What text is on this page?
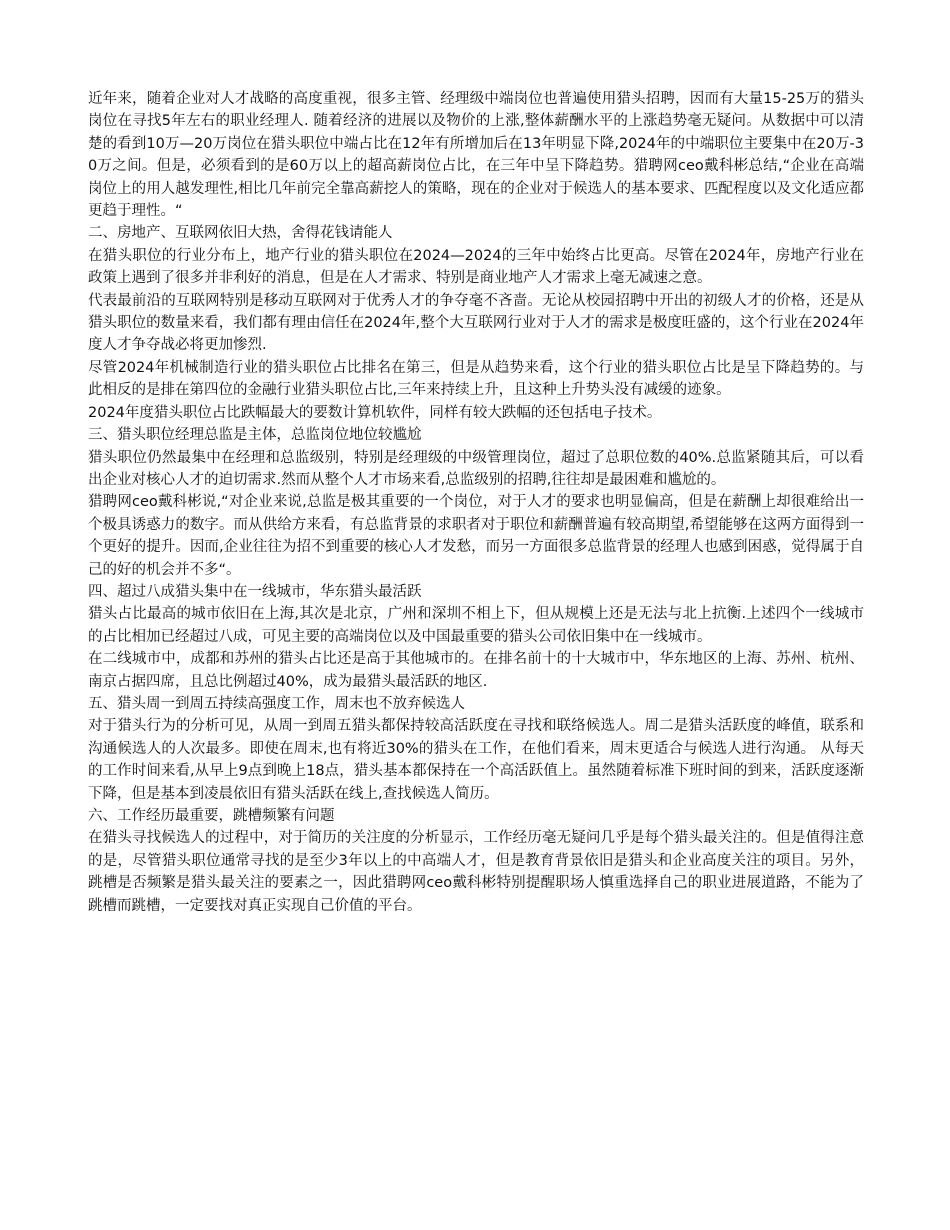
近年来，随着企业对人才战略的高度重视，很多主管、经理级中端岗位也普遍使用猎头招聘，因而有大量15-25万的猎头岗位在寻找5年左右的职业经理人. 随着经济的进展以及物价的上涨,整体薪酬水平的上涨趋势毫无疑问。从数据中可以清楚的看到10万—20万岗位在猎头职位中端占比在12年有所增加后在13年明显下降,2024年的中端职位主要集中在20万-30万之间。但是，必须看到的是60万以上的超高薪岗位占比，在三年中呈下降趋势。猎聘网ceo戴科彬总结,“企业在高端岗位上的用人越发理性,相比几年前完全靠高薪挖人的策略，现在的企业对于候选人的基本要求、匹配程度以及文化适应都更趋于理性。“

二、房地产、互联网依旧大热，舍得花钱请能人

在猎头职位的行业分布上，地产行业的猎头职位在2024—2024的三年中始终占比更高。尽管在2024年，房地产行业在政策上遇到了很多并非利好的消息，但是在人才需求、特别是商业地产人才需求上毫无减速之意。

代表最前沿的互联网特别是移动互联网对于优秀人才的争夺毫不吝啬。无论从校园招聘中开出的初级人才的价格，还是从猎头职位的数量来看，我们都有理由信任在2024年,整个大互联网行业对于人才的需求是极度旺盛的，这个行业在2024年度人才争夺战必将更加惨烈.

尽管2024年机械制造行业的猎头职位占比排名在第三，但是从趋势来看，这个行业的猎头职位占比是呈下降趋势的。与此相反的是排在第四位的金融行业猎头职位占比,三年来持续上升，且这种上升势头没有减缓的迹象。

2024年度猎头职位占比跌幅最大的要数计算机软件，同样有较大跌幅的还包括电子技术。

三、猎头职位经理总监是主体，总监岗位地位较尴尬

猎头职位仍然最集中在经理和总监级别，特别是经理级的中级管理岗位，超过了总职位数的40%.总监紧随其后，可以看出企业对核心人才的迫切需求.然而从整个人才市场来看,总监级别的招聘,往往却是最困难和尴尬的。

猎聘网ceo戴科彬说,“对企业来说,总监是极其重要的一个岗位，对于人才的要求也明显偏高，但是在薪酬上却很难给出一个极具诱惑力的数字。而从供给方来看，有总监背景的求职者对于职位和薪酬普遍有较高期望,希望能够在这两方面得到一个更好的提升。因而,企业往往为招不到重要的核心人才发愁，而另一方面很多总监背景的经理人也感到困惑，觉得属于自己的好的机会并不多“。

四、超过八成猎头集中在一线城市，华东猎头最活跃

猎头占比最高的城市依旧在上海,其次是北京，广州和深圳不相上下，但从规模上还是无法与北上抗衡.上述四个一线城市的占比相加已经超过八成，可见主要的高端岗位以及中国最重要的猎头公司依旧集中在一线城市。

在二线城市中，成都和苏州的猎头占比还是高于其他城市的。在排名前十的十大城市中，华东地区的上海、苏州、杭州、南京占据四席，且总比例超过40%，成为最猎头最活跃的地区.

五、猎头周一到周五持续高强度工作，周末也不放弃候选人

对于猎头行为的分析可见，从周一到周五猎头都保持较高活跃度在寻找和联络候选人。周二是猎头活跃度的峰值，联系和沟通候选人的人次最多。即使在周末,也有将近30%的猎头在工作，在他们看来，周末更适合与候选人进行沟通。 从每天的工作时间来看,从早上9点到晚上18点，猎头基本都保持在一个高活跃值上。虽然随着标准下班时间的到来，活跃度逐渐下降，但是基本到凌晨依旧有猎头活跃在线上,查找候选人简历。

六、工作经历最重要，跳槽频繁有问题

在猎头寻找候选人的过程中，对于简历的关注度的分析显示，工作经历毫无疑问几乎是每个猎头最关注的。但是值得注意的是，尽管猎头职位通常寻找的是至少3年以上的中高端人才，但是教育背景依旧是猎头和企业高度关注的项目。另外，跳槽是否频繁是猎头最关注的要素之一，因此猎聘网ceo戴科彬特别提醒职场人慎重选择自己的职业进展道路，不能为了跳槽而跳槽，一定要找对真正实现自己价值的平台。
